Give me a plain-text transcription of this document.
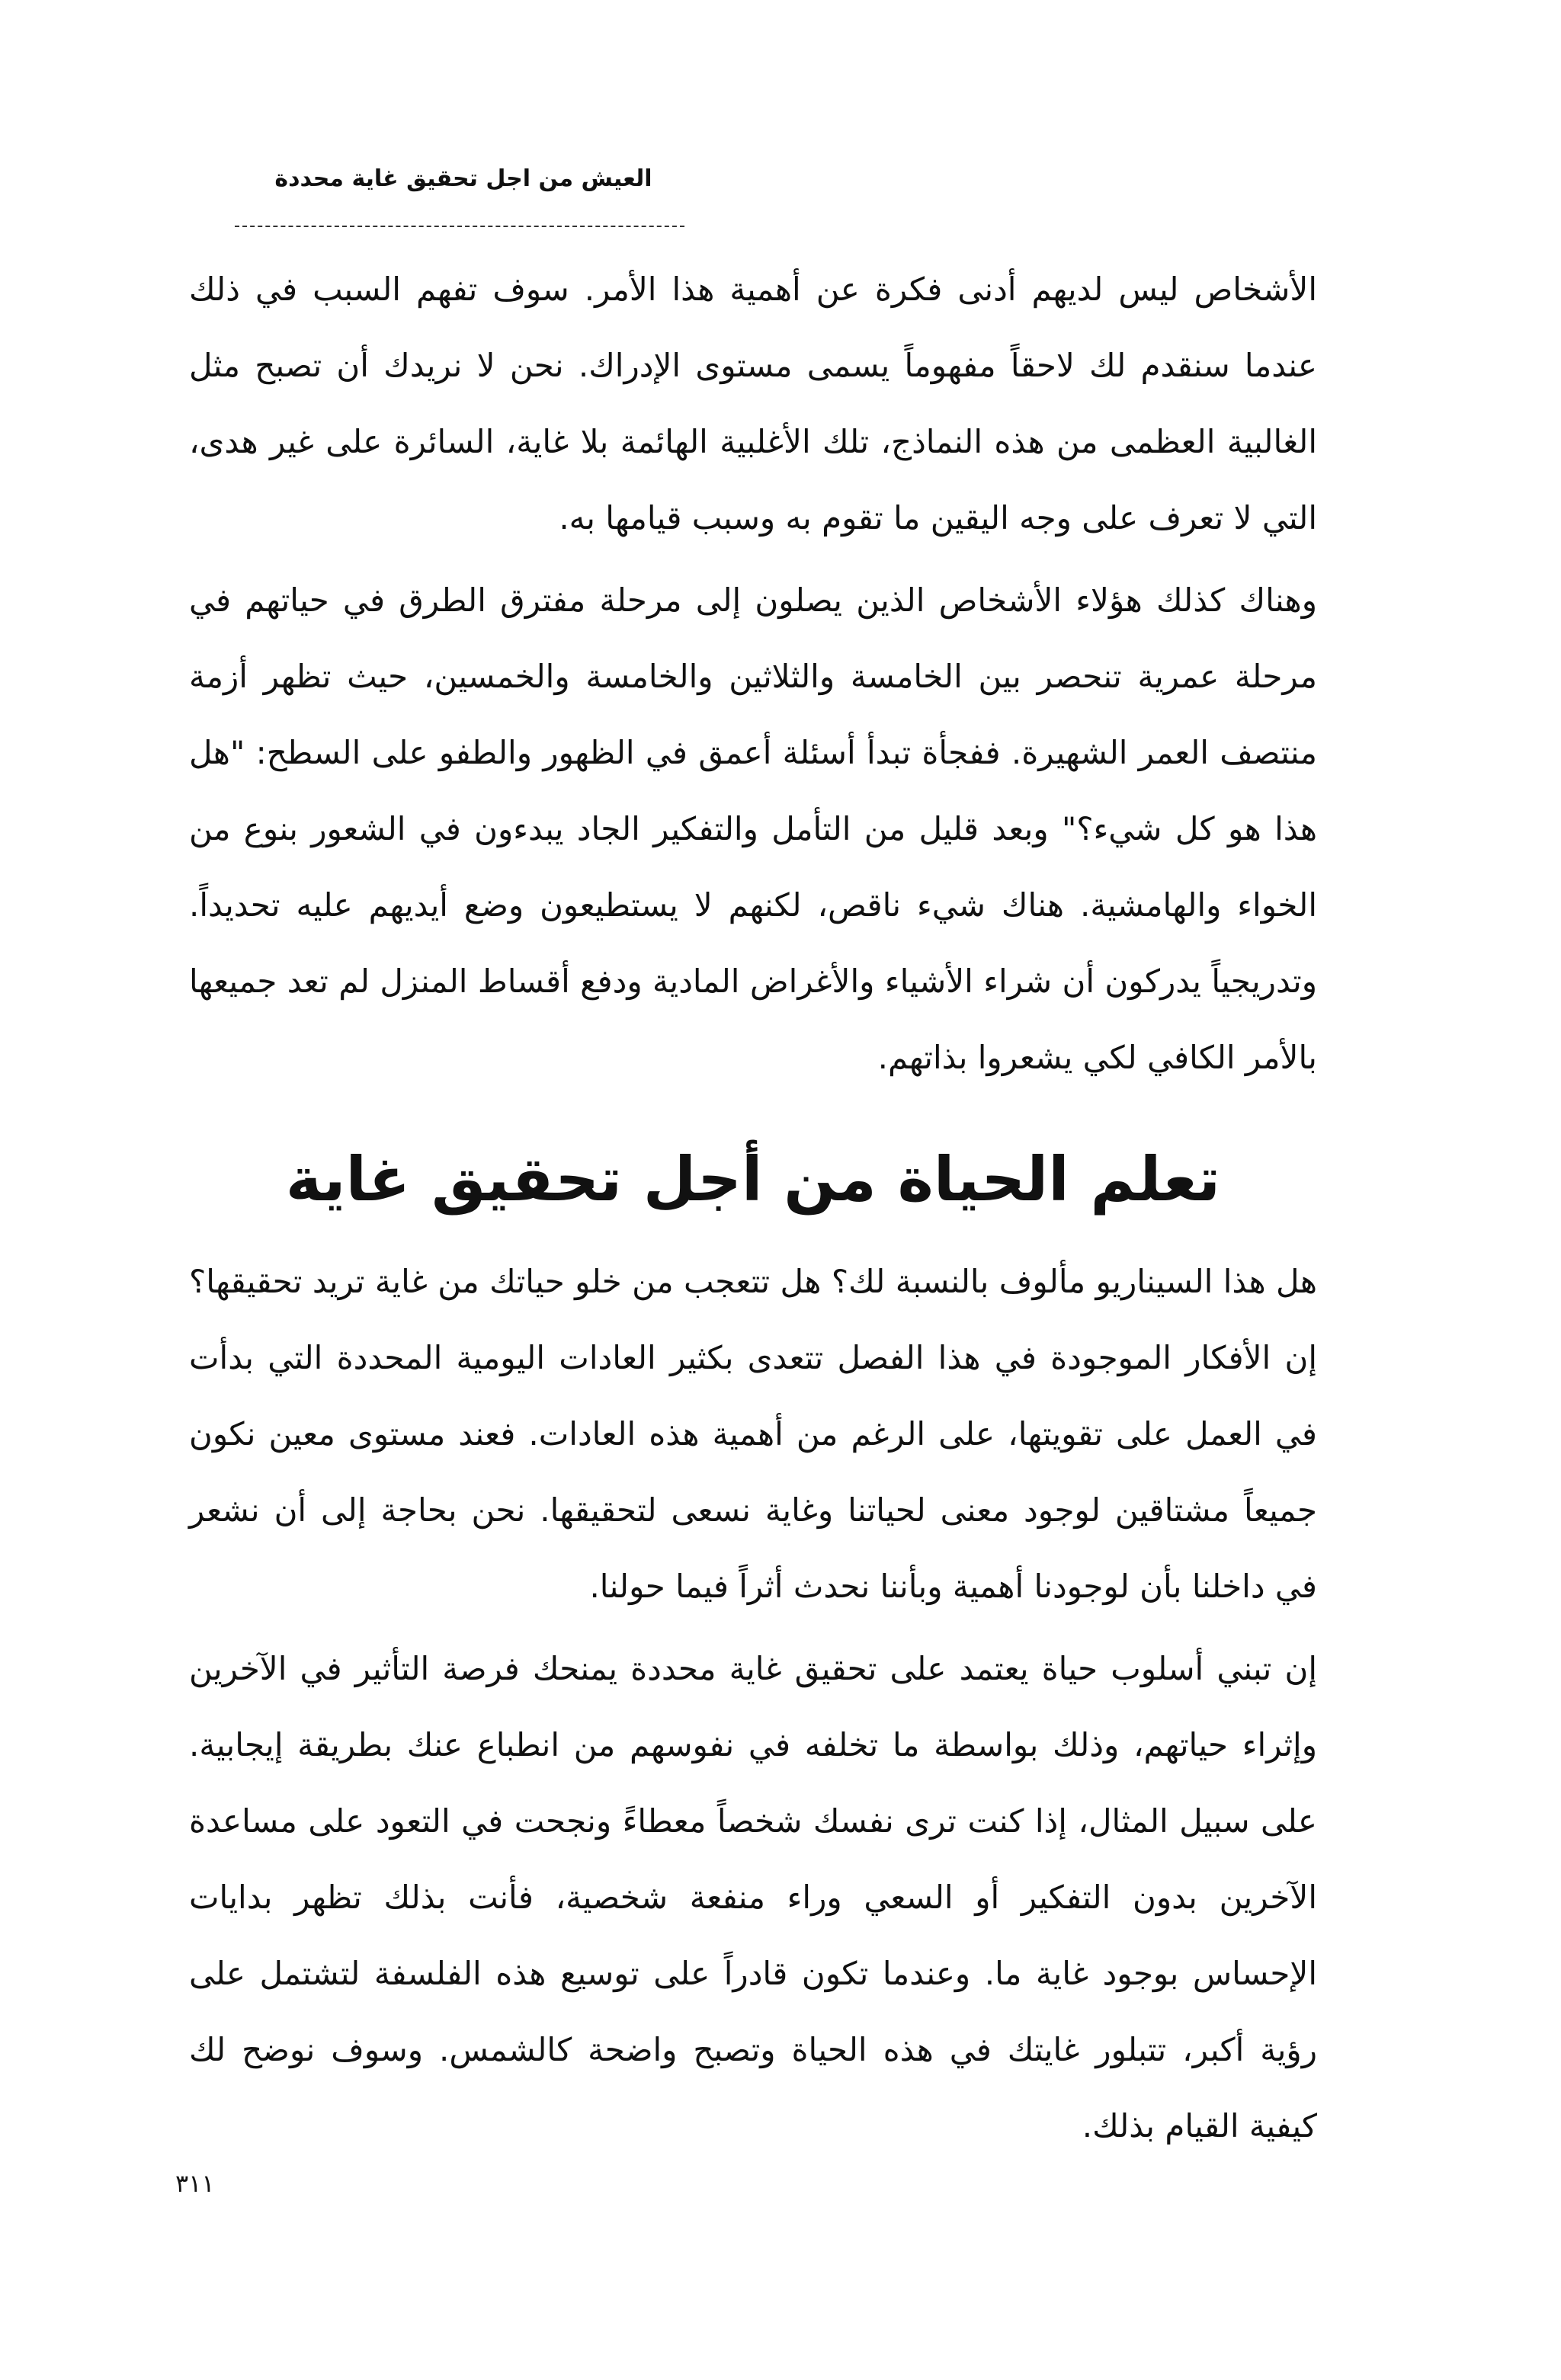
العيش من اجل تحقيق غاية محددة

الأشخاص ليس لديهم أدنى فكرة عن أهمية هذا الأمر. سوف تفهم السبب في ذلك عندما سنقدم لك لاحقاً مفهوماً يسمى مستوى الإدراك. نحن لا نريدك أن تصبح مثل الغالبية العظمى من هذه النماذج، تلك الأغلبية الهائمة بلا غاية، السائرة على غير هدى، التي لا تعرف على وجه اليقين ما تقوم به وسبب قيامها به.

وهناك كذلك هؤلاء الأشخاص الذين يصلون إلى مرحلة مفترق الطرق في حياتهم في مرحلة عمرية تنحصر بين الخامسة والثلاثين والخامسة والخمسين، حيث تظهر أزمة منتصف العمر الشهيرة. ففجأة تبدأ أسئلة أعمق في الظهور والطفو على السطح: "هل هذا هو كل شيء؟" وبعد قليل من التأمل والتفكير الجاد يبدءون في الشعور بنوع من الخواء والهامشية. هناك شيء ناقص، لكنهم لا يستطيعون وضع أيديهم عليه تحديداً. وتدريجياً يدركون أن شراء الأشياء والأغراض المادية ودفع أقساط المنزل لم تعد جميعها بالأمر الكافي لكي يشعروا بذاتهم.

تعلم الحياة من أجل تحقيق غاية

هل هذا السيناريو مألوف بالنسبة لك؟ هل تتعجب من خلو حياتك من غاية تريد تحقيقها؟ إن الأفكار الموجودة في هذا الفصل تتعدى بكثير العادات اليومية المحددة التي بدأت في العمل على تقويتها، على الرغم من أهمية هذه العادات. فعند مستوى معين نكون جميعاً مشتاقين لوجود معنى لحياتنا وغاية نسعى لتحقيقها. نحن بحاجة إلى أن نشعر في داخلنا بأن لوجودنا أهمية وبأننا نحدث أثراً فيما حولنا.

إن تبني أسلوب حياة يعتمد على تحقيق غاية محددة يمنحك فرصة التأثير في الآخرين وإثراء حياتهم، وذلك بواسطة ما تخلفه في نفوسهم من انطباع عنك بطريقة إيجابية. على سبيل المثال، إذا كنت ترى نفسك شخصاً معطاءً ونجحت في التعود على مساعدة الآخرين بدون التفكير أو السعي وراء منفعة شخصية، فأنت بذلك تظهر بدايات الإحساس بوجود غاية ما. وعندما تكون قادراً على توسيع هذه الفلسفة لتشتمل على رؤية أكبر، تتبلور غايتك في هذه الحياة وتصبح واضحة كالشمس. وسوف نوضح لك كيفية القيام بذلك.

٣١١
